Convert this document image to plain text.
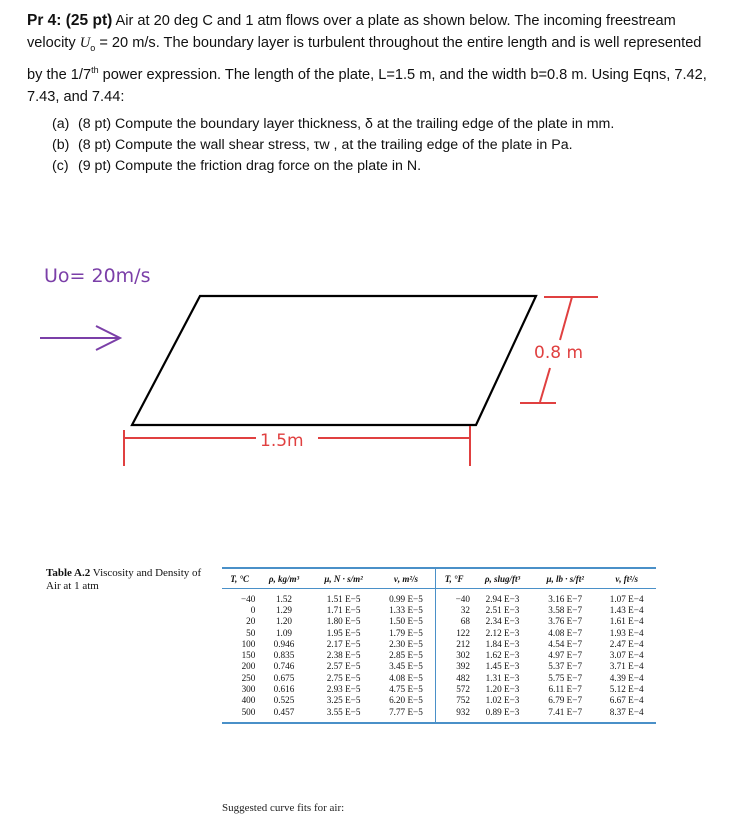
Pr 4: (25 pt) Air at 20 deg C and 1 atm flows over a plate as shown below. The incoming freestream velocity $U_o = 20$ m/s. The boundary layer is turbulent throughout the entire length and is well represented by the 1/7th power expression. The length of the plate, L=1.5 m, and the width b=0.8 m. Using Eqns, 7.42, 7.43, and 7.44:
(a) (8 pt) Compute the boundary layer thickness, δ at the trailing edge of the plate in mm.
(b) (8 pt) Compute the wall shear stress, τw , at the trailing edge of the plate in Pa.
(c) (9 pt) Compute the friction drag force on the plate in N.
Uo= 20m/s
0.8 m
1.5m
Table A.2 Viscosity and Density of Air at 1 atm
T, °C	ρ, kg/m³	μ, N · s/m²	ν, m²/s	T, °F	ρ, slug/ft³	μ, lb · s/ft²	ν, ft²/s
−40	1.52	1.51 E−5	0.99 E−5	−40	2.94 E−3	3.16 E−7	1.07 E−4
0	1.29	1.71 E−5	1.33 E−5	32	2.51 E−3	3.58 E−7	1.43 E−4
20	1.20	1.80 E−5	1.50 E−5	68	2.34 E−3	3.76 E−7	1.61 E−4
50	1.09	1.95 E−5	1.79 E−5	122	2.12 E−3	4.08 E−7	1.93 E−4
100	0.946	2.17 E−5	2.30 E−5	212	1.84 E−3	4.54 E−7	2.47 E−4
150	0.835	2.38 E−5	2.85 E−5	302	1.62 E−3	4.97 E−7	3.07 E−4
200	0.746	2.57 E−5	3.45 E−5	392	1.45 E−3	5.37 E−7	3.71 E−4
250	0.675	2.75 E−5	4.08 E−5	482	1.31 E−3	5.75 E−7	4.39 E−4
300	0.616	2.93 E−5	4.75 E−5	572	1.20 E−3	6.11 E−7	5.12 E−4
400	0.525	3.25 E−5	6.20 E−5	752	1.02 E−3	6.79 E−7	6.67 E−4
500	0.457	3.55 E−5	7.77 E−5	932	0.89 E−3	7.41 E−7	8.37 E−4
Suggested curve fits for air:
